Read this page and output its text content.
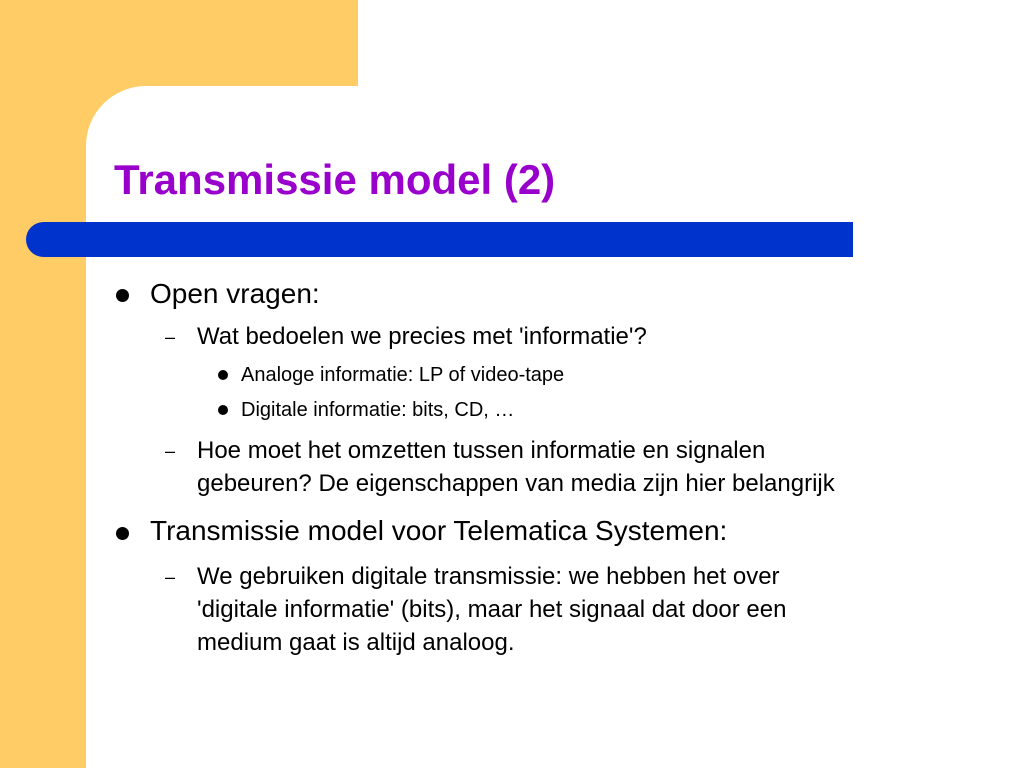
Transmissie model (2)
Open vragen:
– Wat bedoelen we precies met 'informatie'?
Analoge informatie: LP of video-tape
Digitale informatie: bits, CD, …
– Hoe moet het omzetten tussen informatie en signalen
gebeuren? De eigenschappen van media zijn hier belangrijk
Transmissie model voor Telematica Systemen:
– We gebruiken digitale transmissie: we hebben het over
'digitale informatie' (bits), maar het signaal dat door een
medium gaat is altijd analoog.
